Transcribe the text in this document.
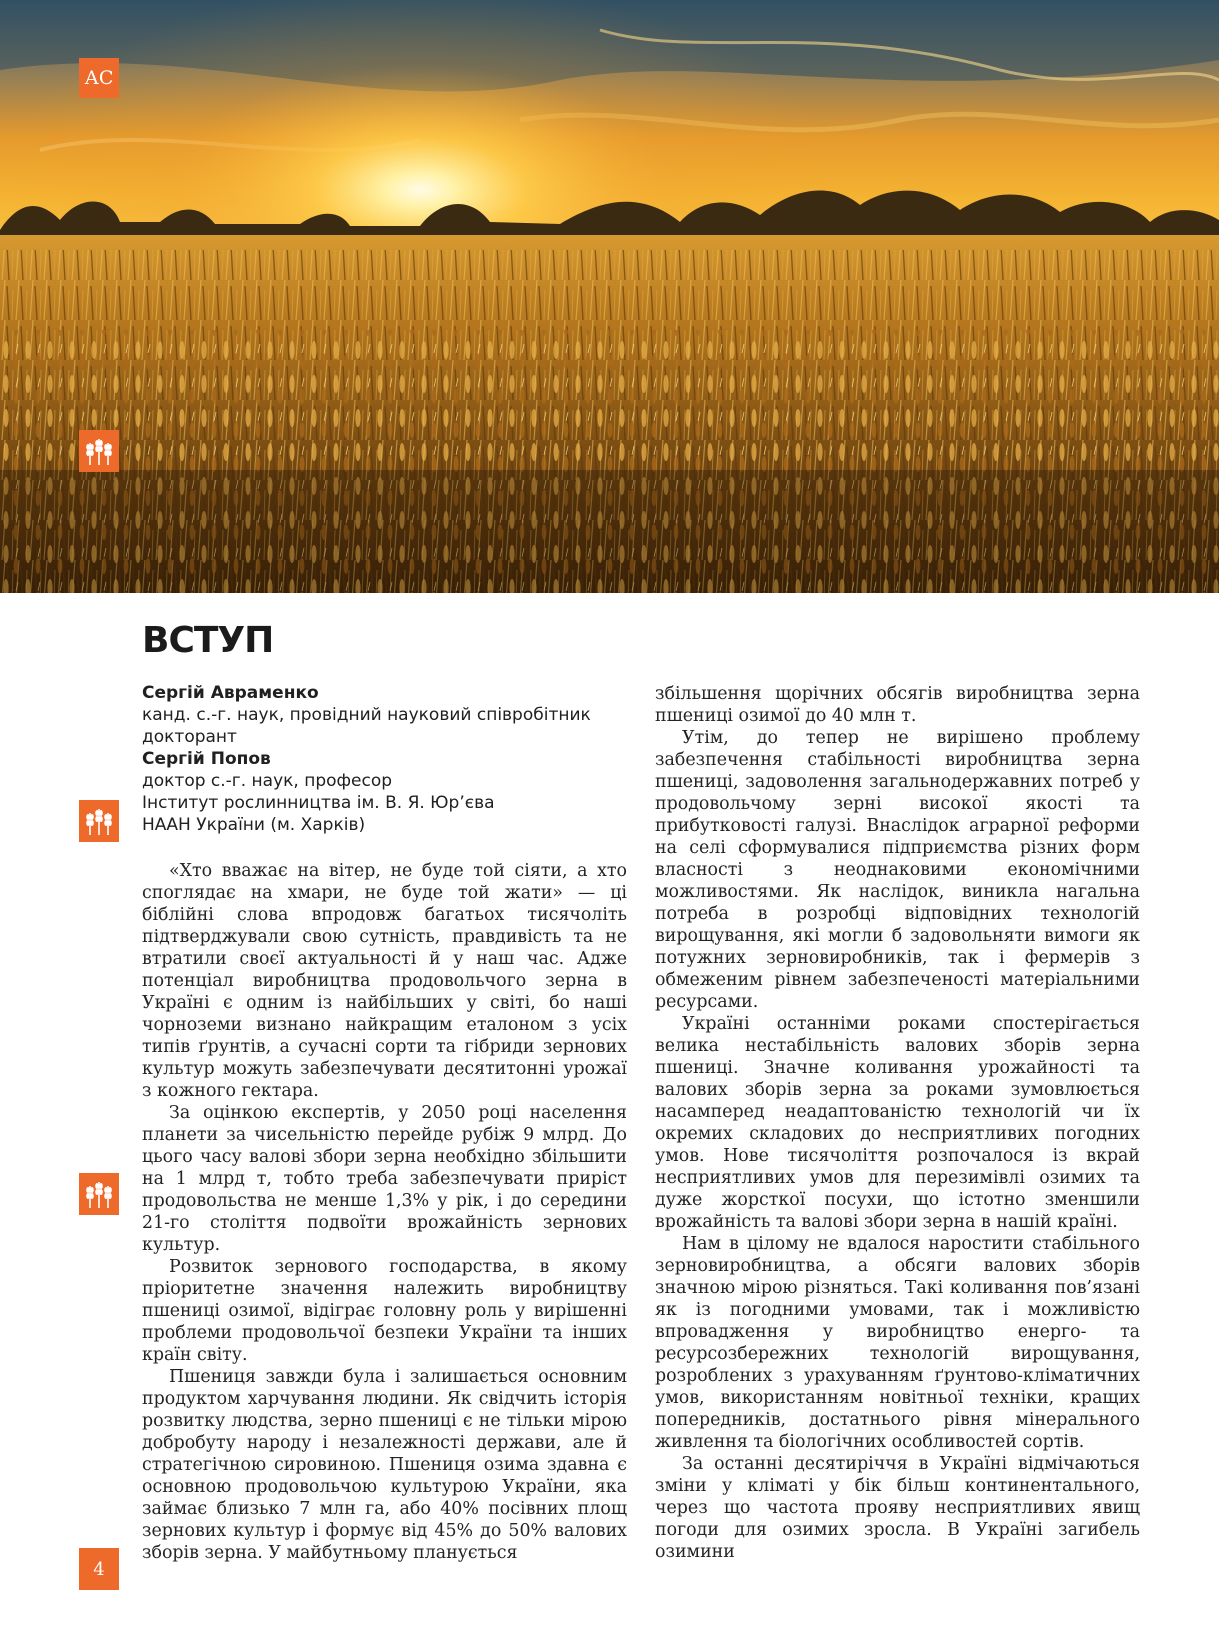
АС
4
ВСТУП
Сергій Авраменко
канд. с.-г. наук, провідний науковий співробітник
докторант
Сергій Попов
доктор с.-г. наук, професор
Інститут рослинництва ім. В. Я. Юр’єва
НААН України (м. Харків)

«Хто вважає на вітер, не буде той сіяти, а хто споглядає на хмари, не буде той жати» — ці біблійні слова впродовж багатьох тисячоліть підтверджували свою сутність, правдивість та не втратили своєї актуальності й у наш час. Адже потенціал виробництва продовольчого зерна в Україні є одним із найбільших у світі, бо наші чорноземи визнано найкращим еталоном з усіх типів ґрунтів, а сучасні сорти та гібриди зернових культур можуть забезпечувати десятитонні урожаї з кожного гектара.

За оцінкою експертів, у 2050 році населення планети за чисельністю перейде рубіж 9 млрд. До цього часу валові збори зерна необхідно збільшити на 1 млрд т, тобто треба забезпечувати приріст продовольства не менше 1,3% у рік, і до середини 21-го століття подвоїти врожайність зернових культур.

Розвиток зернового господарства, в якому пріоритетне значення належить виробництву пшениці озимої, відіграє головну роль у вирішенні проблеми продовольчої безпеки України та інших країн світу.

Пшениця завжди була і залишається основним продуктом харчування людини. Як свідчить історія розвитку людства, зерно пшениці є не тільки мірою добробуту народу і незалежності держави, але й стратегічною сировиною. Пшениця озима здавна є основною продовольчою культурою України, яка займає близько 7 млн га, або 40% посівних площ зернових культур і формує від 45% до 50% валових зборів зерна. У майбутньому планується

збільшення щорічних обсягів виробництва зерна пшениці озимої до 40 млн т.

Утім, до тепер не вирішено проблему забезпечення стабільності виробництва зерна пшениці, задоволення загальнодержавних потреб у продовольчому зерні високої якості та прибутковості галузі. Внаслідок аграрної реформи на селі сформувалися підприємства різних форм власності з неоднаковими економічними можливостями. Як наслідок, виникла нагальна потреба в розробці відповідних технологій вирощування, які могли б задовольняти вимоги як потужних зерновиробників, так і фермерів з обмеженим рівнем забезпеченості матеріальними ресурсами.

Україні останніми роками спостерігається велика нестабільність валових зборів зерна пшениці. Значне коливання урожайності та валових зборів зерна за роками зумовлюється насамперед неадаптованістю технологій чи їх окремих складових до несприятливих погодних умов. Нове тисячоліття розпочалося із вкрай несприятливих умов для перезимівлі озимих та дуже жорсткої посухи, що істотно зменшили врожайність та валові збори зерна в нашій країні.

Нам в цілому не вдалося наростити стабільного зерновиробництва, а обсяги валових зборів значною мірою різняться. Такі коливання пов’язані як із погодними умовами, так і можливістю впровадження у виробництво енерго- та ресурсозбережних технологій вирощування, розроблених з урахуванням ґрунтово-кліматичних умов, використанням новітньої техніки, кращих попередників, достатнього рівня мінерального живлення та біологічних особливостей сортів.

За останні десятиріччя в Україні відмічаються зміни у кліматі у бік більш континентального, через що частота прояву несприятливих явищ погоди для озимих зросла. В Україні загибель озимини
